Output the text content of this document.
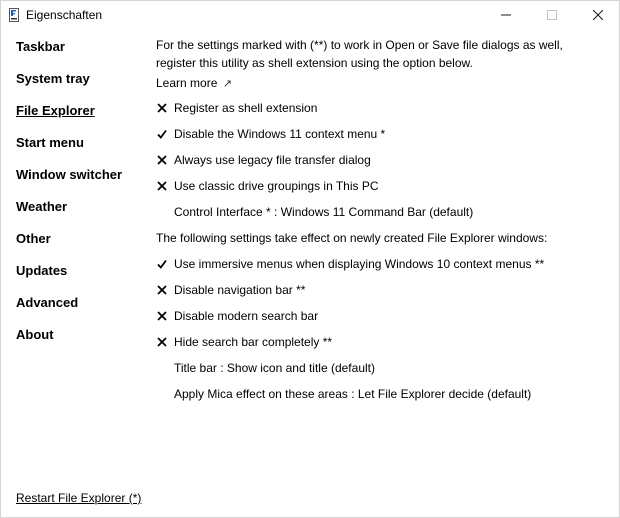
Eigenschaften
Taskbar
System tray
File Explorer
Start menu
Window switcher
Weather
Other
Updates
Advanced
About
Restart File Explorer (*)
For the settings marked with (**) to work in Open or Save file dialogs as well, register this utility as shell extension using the option below.
Learn more ↗
Register as shell extension
Disable the Windows 11 context menu *
Always use legacy file transfer dialog
Use classic drive groupings in This PC
Control Interface * : Windows 11 Command Bar (default)
The following settings take effect on newly created File Explorer windows:
Use immersive menus when displaying Windows 10 context menus **
Disable navigation bar **
Disable modern search bar
Hide search bar completely **
Title bar : Show icon and title (default)
Apply Mica effect on these areas : Let File Explorer decide (default)
